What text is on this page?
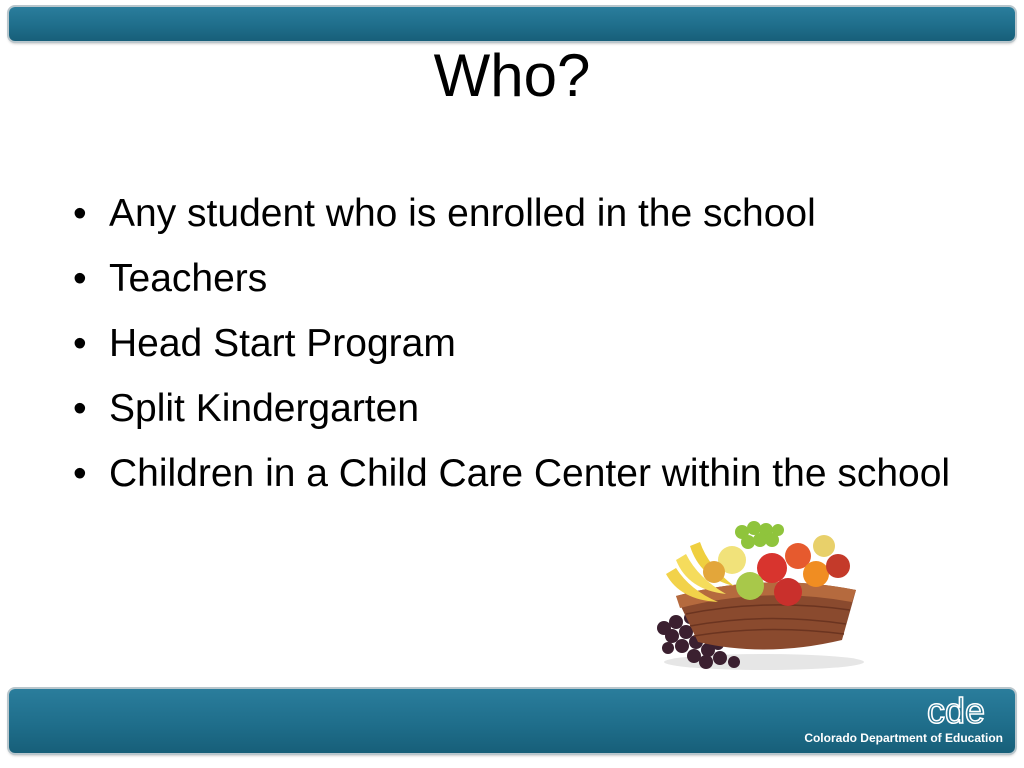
Who?
• Any student who is enrolled in the school
• Teachers
• Head Start Program
• Split Kindergarten
• Children in a Child Care Center within the school
cde
Colorado Department of Education
